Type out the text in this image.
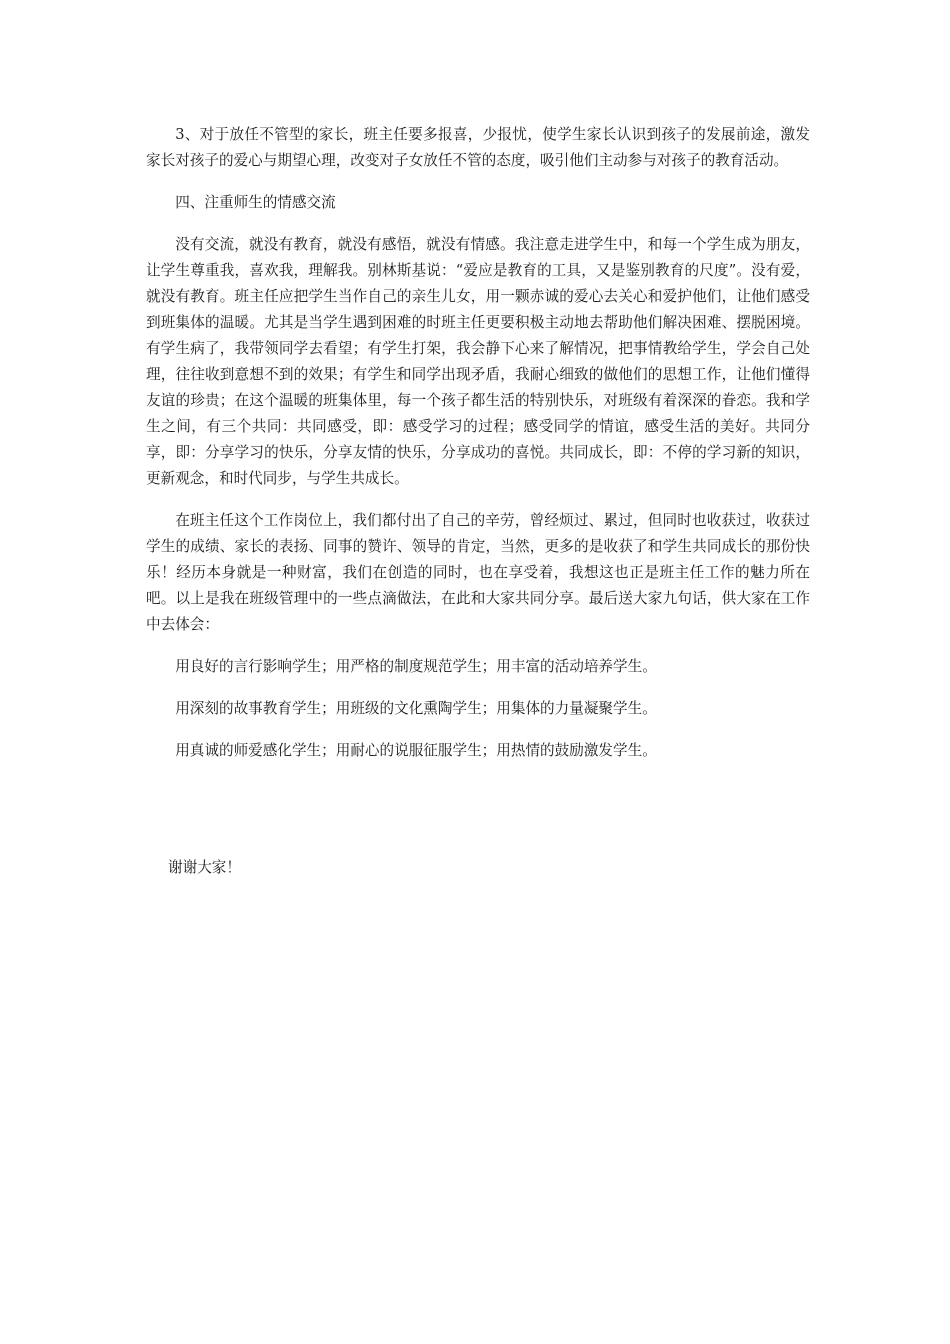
3、对于放任不管型的家长，班主任要多报喜，少报忧，使学生家长认识到孩子的发展前途，激发家长对孩子的爱心与期望心理，改变对子女放任不管的态度，吸引他们主动参与对孩子的教育活动。

四、注重师生的情感交流

没有交流，就没有教育，就没有感悟，就没有情感。我注意走进学生中，和每一个学生成为朋友，让学生尊重我，喜欢我，理解我。别林斯基说：“爱应是教育的工具，又是鉴别教育的尺度”。没有爱，就没有教育。班主任应把学生当作自己的亲生儿女，用一颗赤诚的爱心去关心和爱护他们，让他们感受到班集体的温暖。尤其是当学生遇到困难的时班主任更要积极主动地去帮助他们解决困难、摆脱困境。有学生病了，我带领同学去看望；有学生打架，我会静下心来了解情况，把事情教给学生，学会自己处理，往往收到意想不到的效果；有学生和同学出现矛盾，我耐心细致的做他们的思想工作，让他们懂得友谊的珍贵；在这个温暖的班集体里，每一个孩子都生活的特别快乐，对班级有着深深的眷恋。我和学生之间，有三个共同：共同感受，即：感受学习的过程；感受同学的情谊，感受生活的美好。共同分享，即：分享学习的快乐，分享友情的快乐，分享成功的喜悦。共同成长，即：不停的学习新的知识，更新观念，和时代同步，与学生共成长。

在班主任这个工作岗位上，我们都付出了自己的辛劳，曾经烦过、累过，但同时也收获过，收获过学生的成绩、家长的表扬、同事的赞许、领导的肯定，当然，更多的是收获了和学生共同成长的那份快乐！经历本身就是一种财富，我们在创造的同时，也在享受着，我想这也正是班主任工作的魅力所在吧。以上是我在班级管理中的一些点滴做法，在此和大家共同分享。最后送大家九句话，供大家在工作中去体会：

用良好的言行影响学生；用严格的制度规范学生；用丰富的活动培养学生。

用深刻的故事教育学生；用班级的文化熏陶学生；用集体的力量凝聚学生。

用真诚的师爱感化学生；用耐心的说服征服学生；用热情的鼓励激发学生。

谢谢大家！
